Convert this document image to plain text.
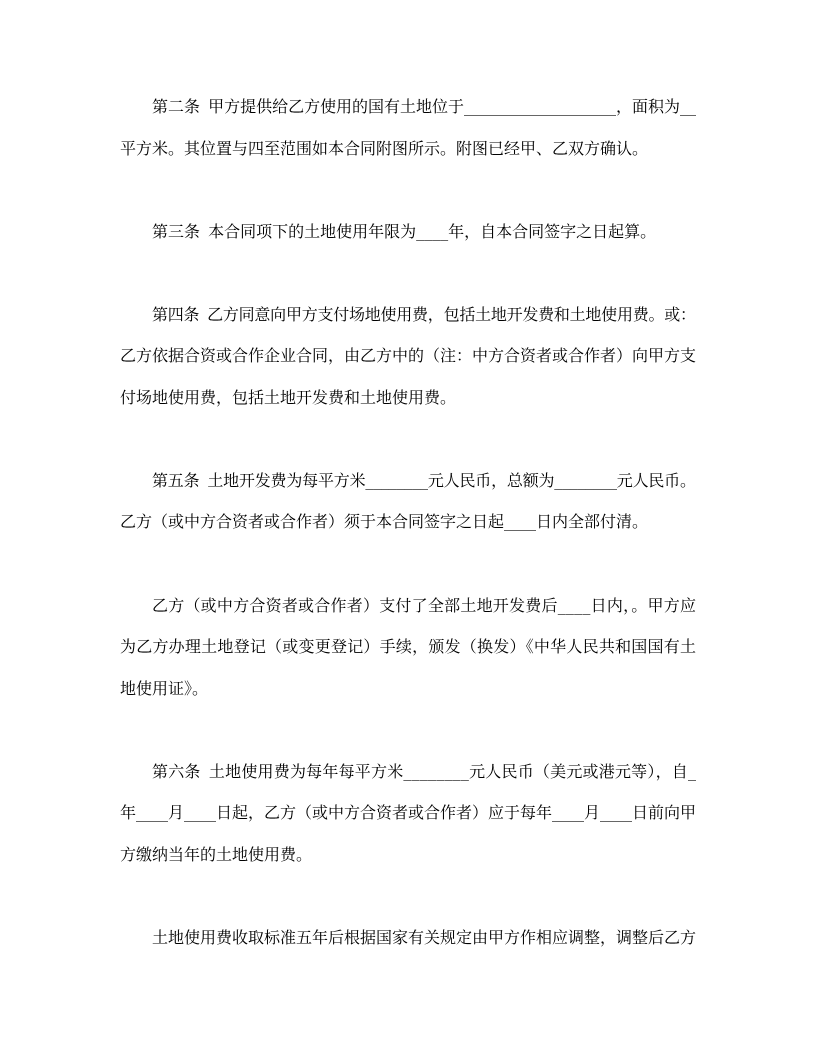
第二条 甲方提供给乙方使用的国有土地位于___________________，面积为__
平方米。其位置与四至范围如本合同附图所示。附图已经甲、乙双方确认。
第三条 本合同项下的土地使用年限为____年，自本合同签字之日起算。
第四条 乙方同意向甲方支付场地使用费，包括土地开发费和土地使用费。或：
乙方依据合资或合作企业合同，由乙方中的（注：中方合资者或合作者）向甲方支
付场地使用费，包括土地开发费和土地使用费。
第五条 土地开发费为每平方米________元人民币，总额为________元人民币。
乙方（或中方合资者或合作者）须于本合同签字之日起____日内全部付清。
乙方（或中方合资者或合作者）支付了全部土地开发费后____日内，。甲方应
为乙方办理土地登记（或变更登记）手续，颁发（换发）《中华人民共和国国有土
地使用证》。
第六条 土地使用费为每年每平方米________元人民币（美元或港元等），自_
年____月____日起，乙方（或中方合资者或合作者）应于每年____月____日前向甲
方缴纳当年的土地使用费。
土地使用费收取标准五年后根据国家有关规定由甲方作相应调整，调整后乙方
